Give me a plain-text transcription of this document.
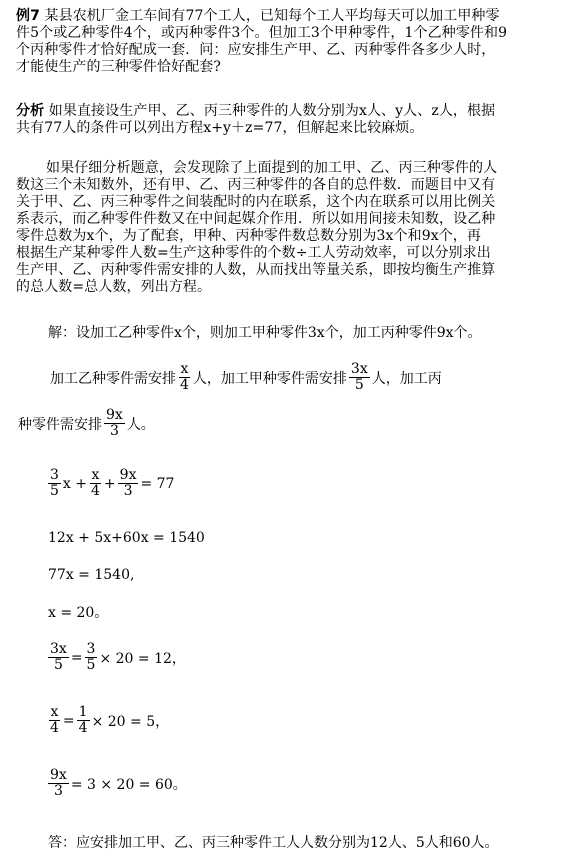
例7 某县农机厂金工车间有77个工人，已知每个工人平均每天可以加工甲种零

件5个或乙种零件4个，或丙种零件3个。但加工3个甲种零件，1个乙种零件和9

个丙种零件才恰好配成一套．问：应安排生产甲、乙、丙种零件各多少人时，

才能使生产的三种零件恰好配套?

分析 如果直接设生产甲、乙、丙三种零件的人数分别为x人、y人、z人，根据

共有77人的条件可以列出方程x+y＋z=77，但解起来比较麻烦。

如果仔细分析题意，会发现除了上面提到的加工甲、乙、丙三种零件的人

数这三个未知数外，还有甲、乙、丙三种零件的各自的总件数．而题目中又有

关于甲、乙、丙三种零件之间装配时的内在联系，这个内在联系可以用比例关

系表示，而乙种零件件数又在中间起媒介作用．所以如用间接未知数，设乙种

零件总数为x个，为了配套，甲种、丙种零件数总数分别为3x个和9x个，再

根据生产某种零件人数=生产这种零件的个数÷工人劳动效率，可以分别求出

生产甲、乙、丙种零件需安排的人数，从而找出等量关系，即按均衡生产推算

的总人数=总人数，列出方程。

解：设加工乙种零件x个，则加工甲种零件3x个，加工丙种零件9x个。
加工乙种零件需安排 $\frac{x}{4}$ 人，加工甲种零件需安排 $\frac{3x}{5}$ 人，加工丙
种零件需安排 $\frac{9x}{3}$ 人。
$\frac{3}{5}$ $x + \frac{x}{4} + \frac{9x}{3} = 77$
12x + 5x+60x = 1540
77x = 1540,
x = 20。
$\frac{3x}{5} = \frac{3}{5} \times 20 = 12$，
$\frac{x}{4} = \frac{1}{4} \times 20 = 5$，
$\frac{9x}{3} = 3 \times 20 = 60$。
答：应安排加工甲、乙、丙三种零件工人人数分别为12人、5人和60人。
